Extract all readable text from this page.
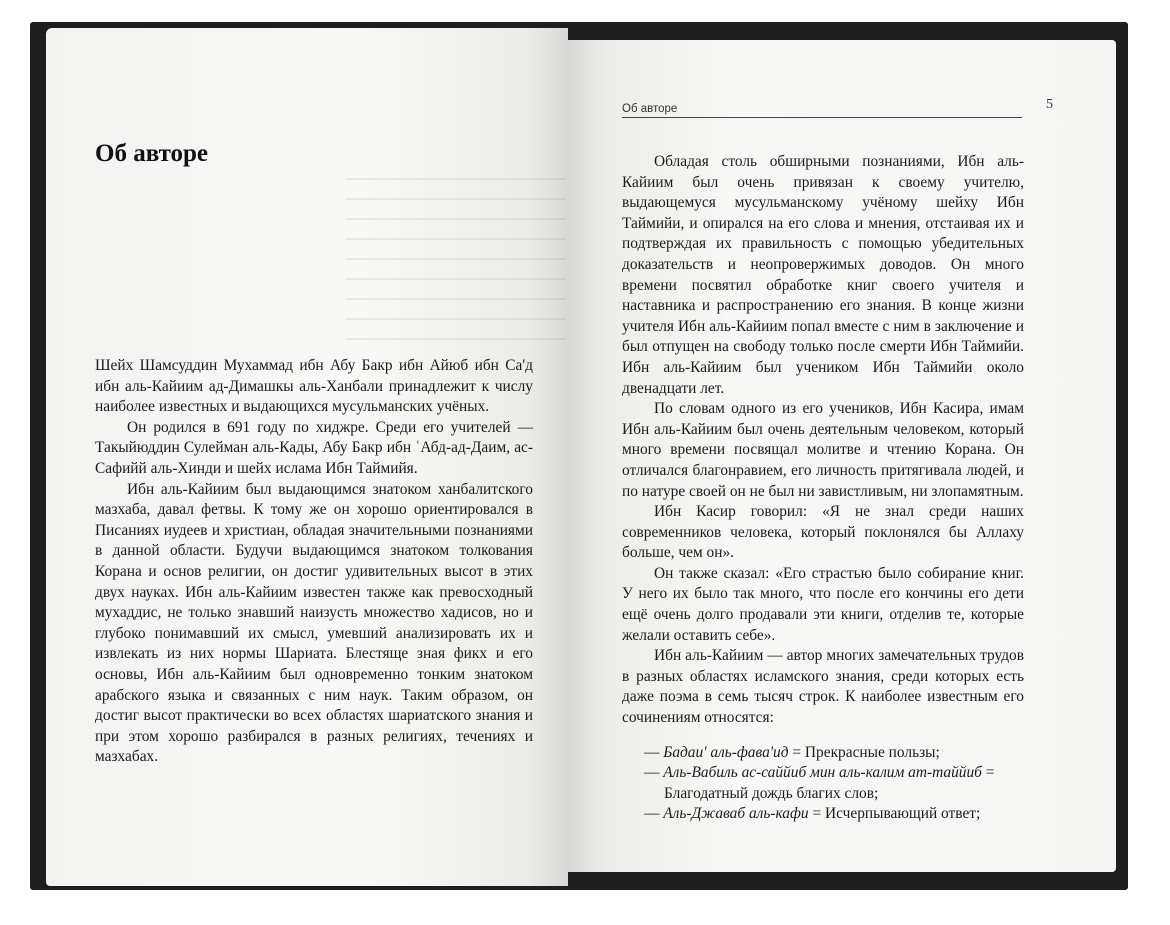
Об авторе

Шейх Шамсуддин Мухаммад ибн Абу Бакр ибн Айюб ибн Са'д ибн аль-Кайиим ад-Димашкы аль-Ханбали принадлежит к числу наиболее известных и выдающихся мусульманских учёных.

Он родился в 691 году по хиджре. Среди его учителей — Такыйюддин Сулейман аль-Кады, Абу Бакр ибн ʿАбд-ад-Даим, ас-Сафийй аль-Хинди и шейх ислама Ибн Таймийя.

Ибн аль-Кайиим был выдающимся знатоком ханбалитского мазхаба, давал фетвы. К тому же он хорошо ориентировался в Писаниях иудеев и христиан, обладая значительными познаниями в данной области. Будучи выдающимся знатоком толкования Корана и основ религии, он достиг удивительных высот в этих двух науках. Ибн аль-Кайиим известен также как превосходный мухаддис, не только знавший наизусть множество хадисов, но и глубоко понимавший их смысл, умевший анализировать их и извлекать из них нормы Шариата. Блестяще зная фикх и его основы, Ибн аль-Кайиим был одновременно тонким знатоком арабского языка и связанных с ним наук. Таким образом, он достиг высот практически во всех областях шариатского знания и при этом хорошо разбирался в разных религиях, течениях и мазхабах.

Об авторе	5

Обладая столь обширными познаниями, Ибн аль-Кайиим был очень привязан к своему учителю, выдающемуся мусульманскому учёному шейху Ибн Таймийи, и опирался на его слова и мнения, отстаивая их и подтверждая их правильность с помощью убедительных доказательств и неопровержимых доводов. Он много времени посвятил обработке книг своего учителя и наставника и распространению его знания. В конце жизни учителя Ибн аль-Кайиим попал вместе с ним в заключение и был отпущен на свободу только после смерти Ибн Таймийи. Ибн аль-Кайиим был учеником Ибн Таймийи около двенадцати лет.

По словам одного из его учеников, Ибн Касира, имам Ибн аль-Кайиим был очень деятельным человеком, который много времени посвящал молитве и чтению Корана. Он отличался благонравием, его личность притягивала людей, и по натуре своей он не был ни завистливым, ни злопамятным.

Ибн Касир говорил: «Я не знал среди наших современников человека, который поклонялся бы Аллаху больше, чем он».

Он также сказал: «Его страстью было собирание книг. У него их было так много, что после его кончины его дети ещё очень долго продавали эти книги, отделив те, которые желали оставить себе».

Ибн аль-Кайиим — автор многих замечательных трудов в разных областях исламского знания, среди которых есть даже поэма в семь тысяч строк. К наиболее известным его сочинениям относятся:

— Бадаи' аль-фава'ид = Прекрасные пользы;
— Аль-Вабиль ас-саййиб мин аль-калим ат-таййиб = Благодатный дождь благих слов;
— Аль-Джаваб аль-кафи = Исчерпывающий ответ;
